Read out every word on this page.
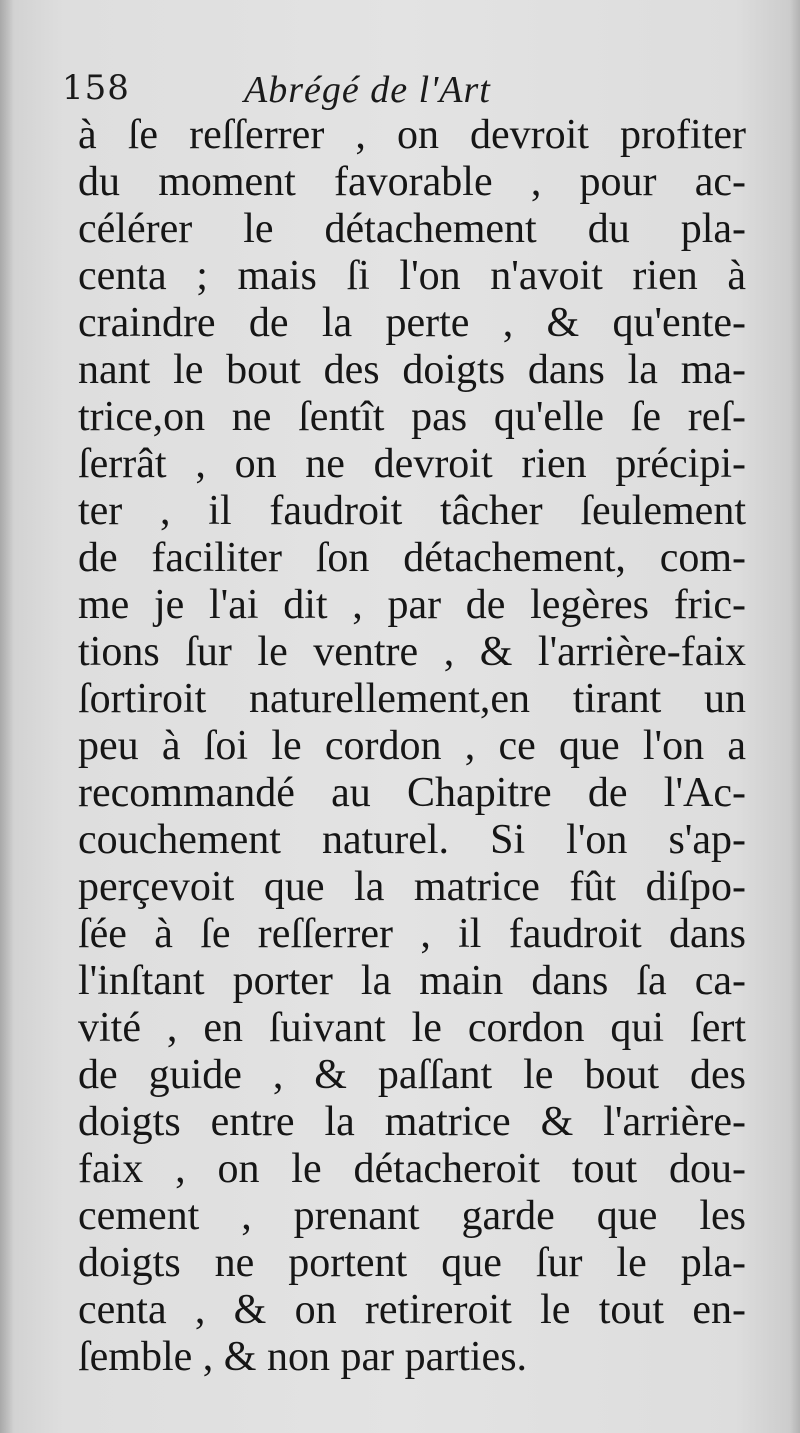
158	Abrégé de l'Art
à ſe reſſerrer , on devroit profiter
du moment favorable , pour ac-
célérer le détachement du pla-
centa ; mais ſi l'on n'avoit rien à
craindre de la perte , & qu'ente-
nant le bout des doigts dans la ma-
trice,on ne ſentît pas qu'elle ſe reſ-
ſerrât , on ne devroit rien précipi-
ter , il faudroit tâcher ſeulement
de faciliter ſon détachement, com-
me je l'ai dit , par de legères fric-
tions ſur le ventre , & l'arrière-faix
ſortiroit naturellement,en tirant un
peu à ſoi le cordon , ce que l'on a
recommandé au Chapitre de l'Ac-
couchement naturel. Si l'on s'ap-
perçevoit que la matrice fût diſpo-
ſée à ſe reſſerrer , il faudroit dans
l'inſtant porter la main dans ſa ca-
vité , en ſuivant le cordon qui ſert
de guide , & paſſant le bout des
doigts entre la matrice & l'arrière-
faix , on le détacheroit tout dou-
cement , prenant garde que les
doigts ne portent que ſur le pla-
centa , & on retireroit le tout en-
ſemble , & non par parties.
